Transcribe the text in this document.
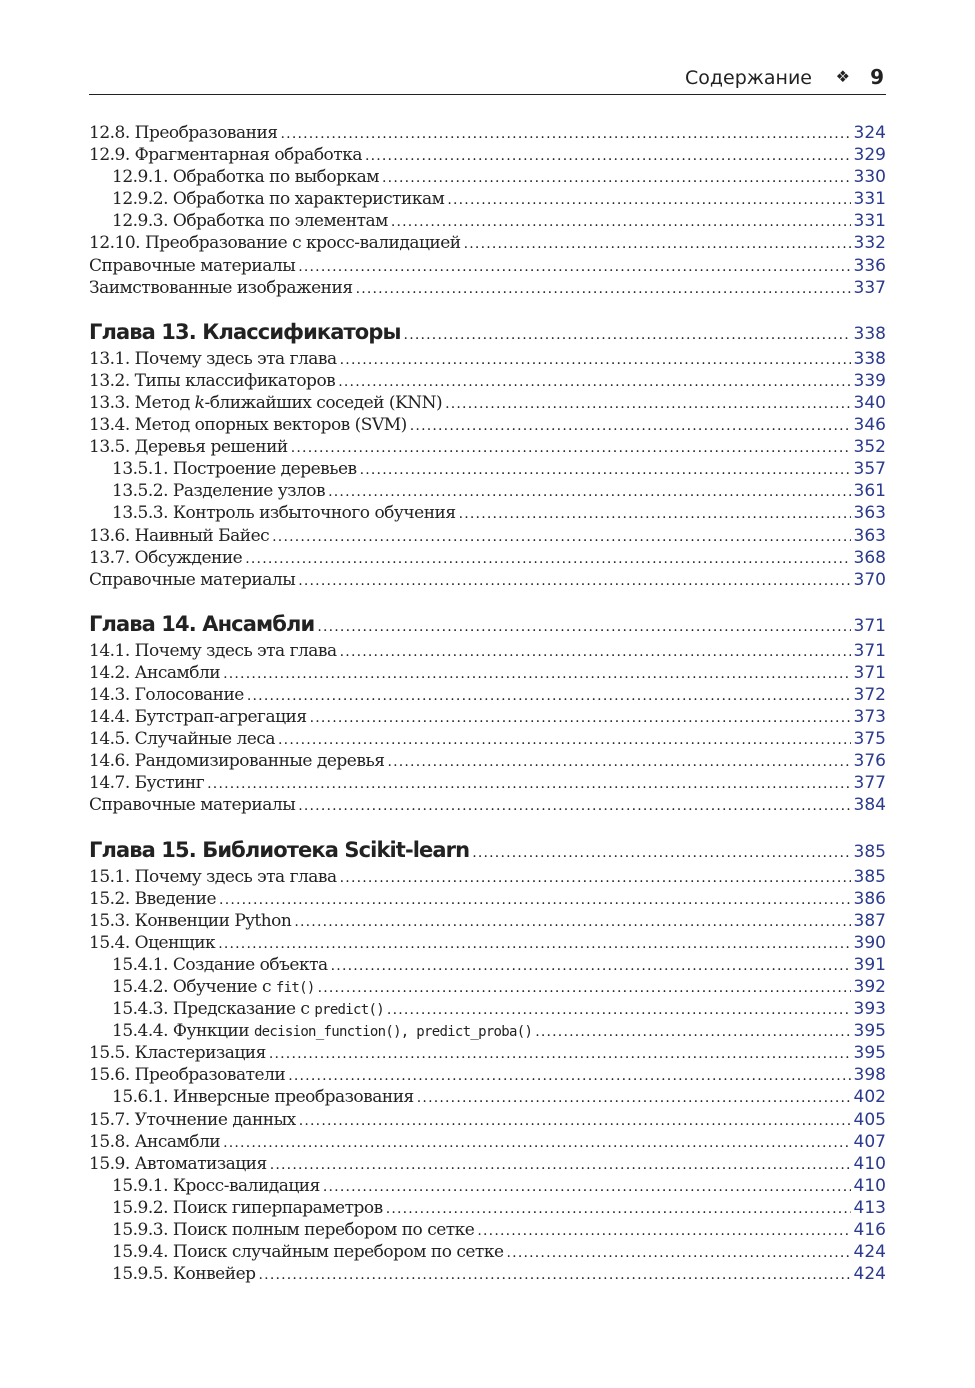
Содержание ❖ 9
12.8. Преобразования .....	324
12.9. Фрагментарная обработка .....	329
12.9.1. Обработка по выборкам .....	330
12.9.2. Обработка по характеристикам .....	331
12.9.3. Обработка по элементам .....	331
12.10. Преобразование с кросс-валидацией .....	332
Справочные материалы .....	336
Заимствованные изображения .....	337
Глава 13. Классификаторы .....	338
13.1. Почему здесь эта глава .....	338
13.2. Типы классификаторов .....	339
13.3. Метод k-ближайших соседей (KNN) .....	340
13.4. Метод опорных векторов (SVM) .....	346
13.5. Деревья решений .....	352
13.5.1. Построение деревьев .....	357
13.5.2. Разделение узлов .....	361
13.5.3. Контроль избыточного обучения .....	363
13.6. Наивный Байес .....	363
13.7. Обсуждение .....	368
Справочные материалы .....	370
Глава 14. Ансамбли .....	371
14.1. Почему здесь эта глава .....	371
14.2. Ансамбли .....	371
14.3. Голосование .....	372
14.4. Бутстрап-агрегация .....	373
14.5. Случайные леса .....	375
14.6. Рандомизированные деревья .....	376
14.7. Бустинг .....	377
Справочные материалы .....	384
Глава 15. Библиотека Scikit-learn .....	385
15.1. Почему здесь эта глава .....	385
15.2. Введение .....	386
15.3. Конвенции Python .....	387
15.4. Оценщик .....	390
15.4.1. Создание объекта .....	391
15.4.2. Обучение с fit() .....	392
15.4.3. Предсказание с predict() .....	393
15.4.4. Функции decision_function(), predict_proba() .....	395
15.5. Кластеризация .....	395
15.6. Преобразователи .....	398
15.6.1. Инверсные преобразования .....	402
15.7. Уточнение данных .....	405
15.8. Ансамбли .....	407
15.9. Автоматизация .....	410
15.9.1. Кросс-валидация .....	410
15.9.2. Поиск гиперпараметров .....	413
15.9.3. Поиск полным перебором по сетке .....	416
15.9.4. Поиск случайным перебором по сетке .....	424
15.9.5. Конвейер .....	424
